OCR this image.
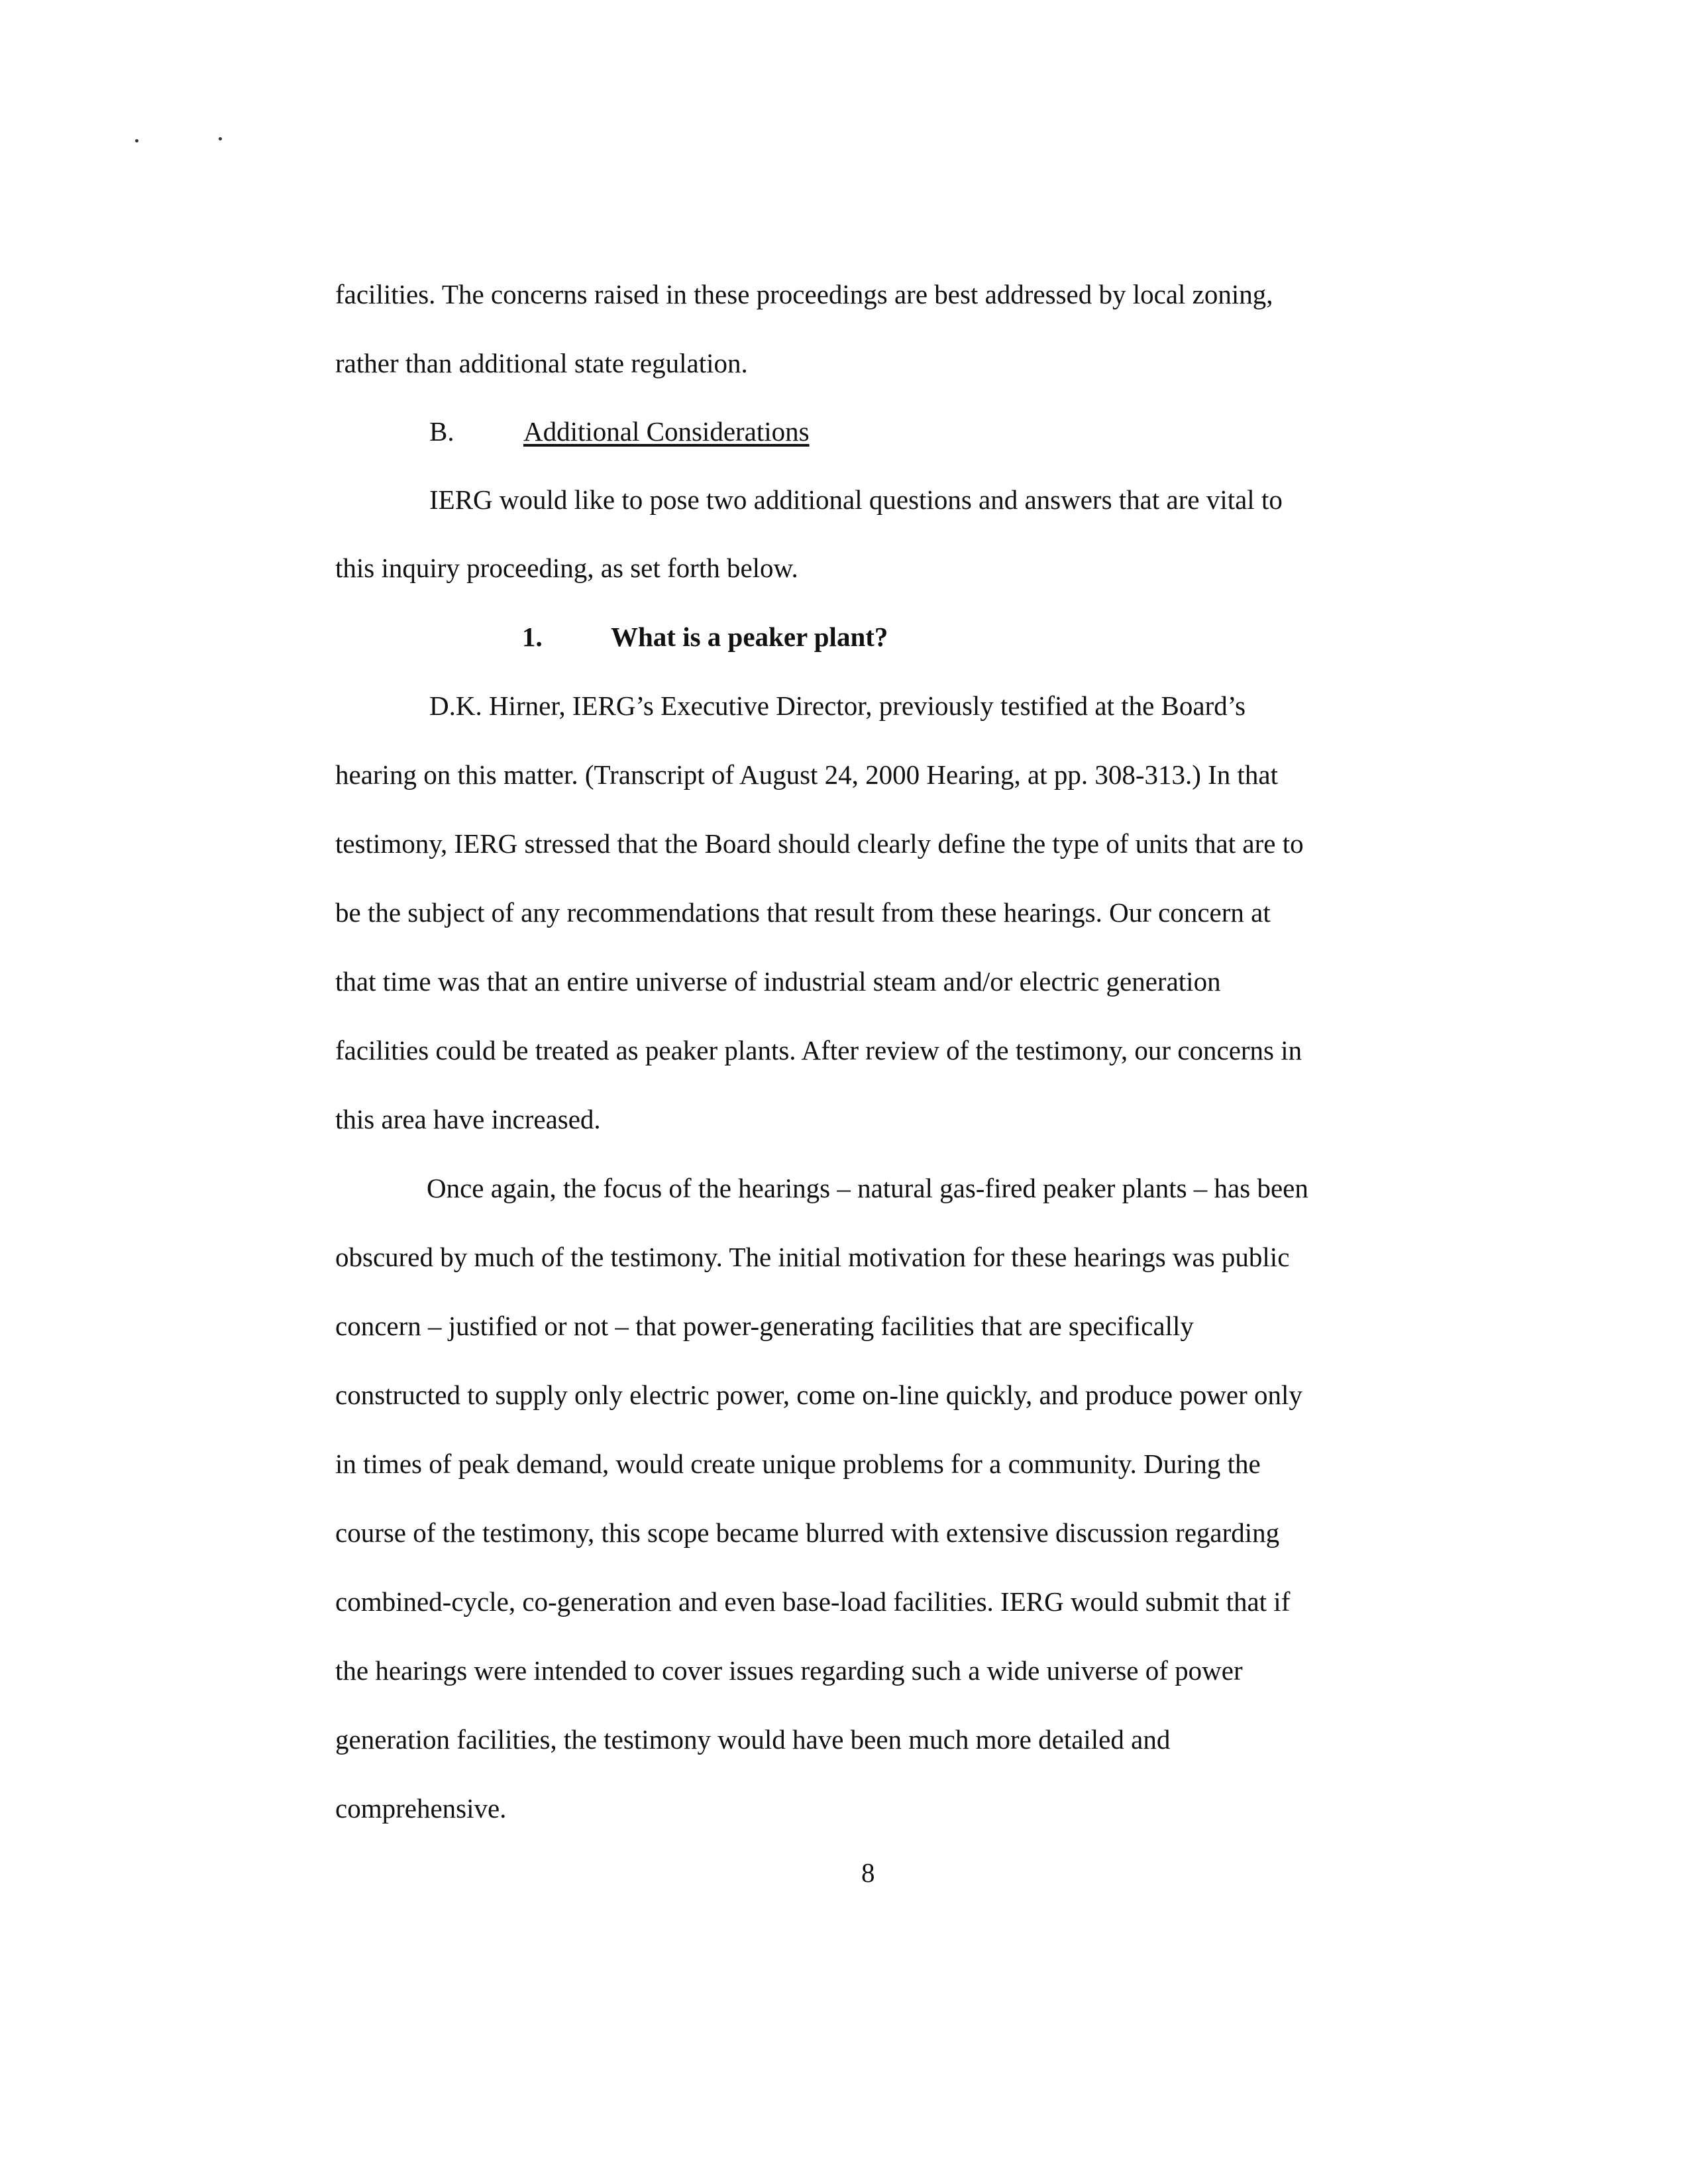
facilities. The concerns raised in these proceedings are best addressed by local zoning,
rather than additional state regulation.
B.	Additional Considerations
IERG would like to pose two additional questions and answers that are vital to
this inquiry proceeding, as set forth below.
1.	What is a peaker plant?
D.K. Hirner, IERG’s Executive Director, previously testified at the Board’s
hearing on this matter. (Transcript of August 24, 2000 Hearing, at pp. 308-313.) In that
testimony, IERG stressed that the Board should clearly define the type of units that are to
be the subject of any recommendations that result from these hearings. Our concern at
that time was that an entire universe of industrial steam and/or electric generation
facilities could be treated as peaker plants. After review of the testimony, our concerns in
this area have increased.
Once again, the focus of the hearings – natural gas-fired peaker plants – has been
obscured by much of the testimony. The initial motivation for these hearings was public
concern – justified or not – that power-generating facilities that are specifically
constructed to supply only electric power, come on-line quickly, and produce power only
in times of peak demand, would create unique problems for a community. During the
course of the testimony, this scope became blurred with extensive discussion regarding
combined-cycle, co-generation and even base-load facilities. IERG would submit that if
the hearings were intended to cover issues regarding such a wide universe of power
generation facilities, the testimony would have been much more detailed and
comprehensive.
8
